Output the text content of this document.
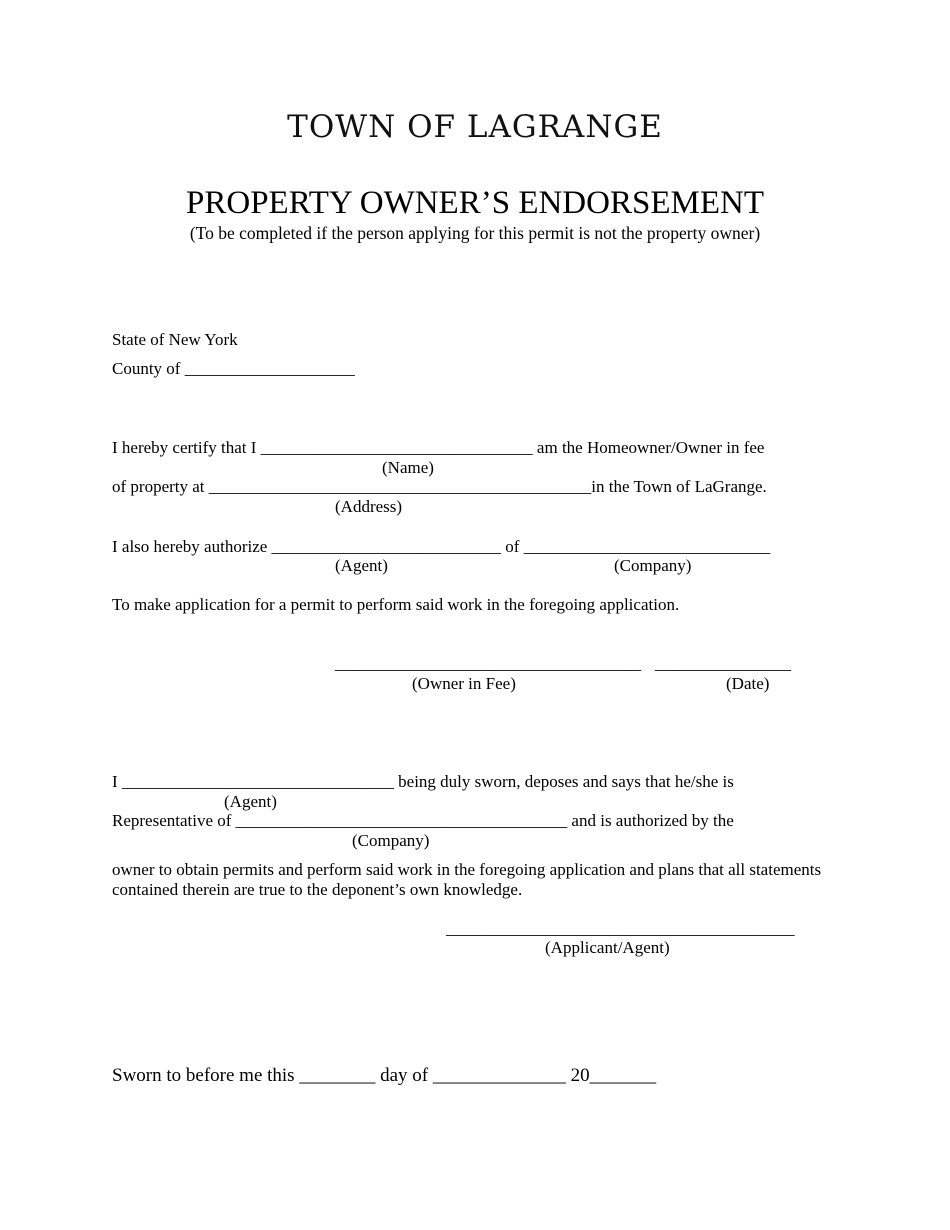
TOWN OF LAGRANGE
PROPERTY OWNER’S ENDORSEMENT
(To be completed if the person applying for this permit is not the property owner)
State of New York
County of ____________________
I hereby certify that I ________________________________ am the Homeowner/Owner in fee
(Name)
of property at _____________________________________________in the Town of LaGrange.
(Address)
I also hereby authorize ___________________________ of _____________________________
(Agent)	(Company)
To make application for a permit to perform said work in the foregoing application.
____________________________________ ________________
(Owner in Fee)	(Date)
I ________________________________ being duly sworn, deposes and says that he/she is
(Agent)
Representative of _______________________________________ and is authorized by the
(Company)
owner to obtain permits and perform said work in the foregoing application and plans that all statements
contained therein are true to the deponent’s own knowledge.
_________________________________________
(Applicant/Agent)
Sworn to before me this ________ day of ______________ 20_______
